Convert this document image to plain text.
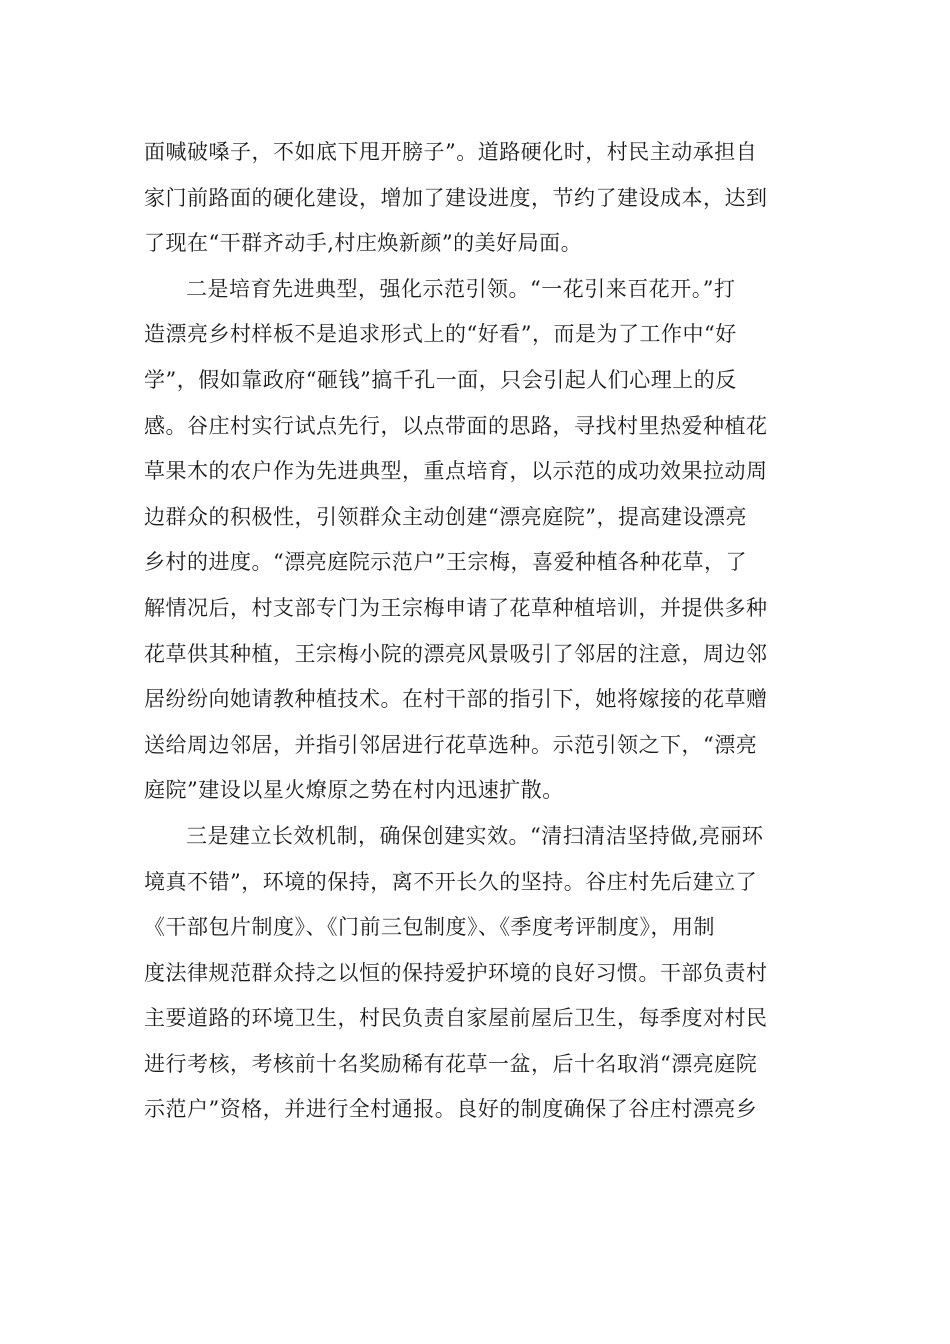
面喊破嗓子，不如底下甩开膀子”。道路硬化时，村民主动承担自
家门前路面的硬化建设，增加了建设进度，节约了建设成本，达到
了现在“干群齐动手,村庄焕新颜”的美好局面。
二是培育先进典型，强化示范引领。“一花引来百花开。”打
造漂亮乡村样板不是追求形式上的“好看”，而是为了工作中“好
学”，假如靠政府“砸钱”搞千孔一面，只会引起人们心理上的反
感。谷庄村实行试点先行，以点带面的思路，寻找村里热爱种植花
草果木的农户作为先进典型，重点培育，以示范的成功效果拉动周
边群众的积极性，引领群众主动创建“漂亮庭院”，提高建设漂亮
乡村的进度。“漂亮庭院示范户”王宗梅，喜爱种植各种花草，了
解情况后，村支部专门为王宗梅申请了花草种植培训，并提供多种
花草供其种植，王宗梅小院的漂亮风景吸引了邻居的注意，周边邻
居纷纷向她请教种植技术。在村干部的指引下，她将嫁接的花草赠
送给周边邻居，并指引邻居进行花草选种。示范引领之下，“漂亮
庭院”建设以星火燎原之势在村内迅速扩散。
三是建立长效机制，确保创建实效。“清扫清洁坚持做,亮丽环
境真不错”，环境的保持，离不开长久的坚持。谷庄村先后建立了
《干部包片制度》、《门前三包制度》、《季度考评制度》，用制
度法律规范群众持之以恒的保持爱护环境的良好习惯。干部负责村
主要道路的环境卫生，村民负责自家屋前屋后卫生，每季度对村民
进行考核，考核前十名奖励稀有花草一盆，后十名取消“漂亮庭院
示范户”资格，并进行全村通报。良好的制度确保了谷庄村漂亮乡
